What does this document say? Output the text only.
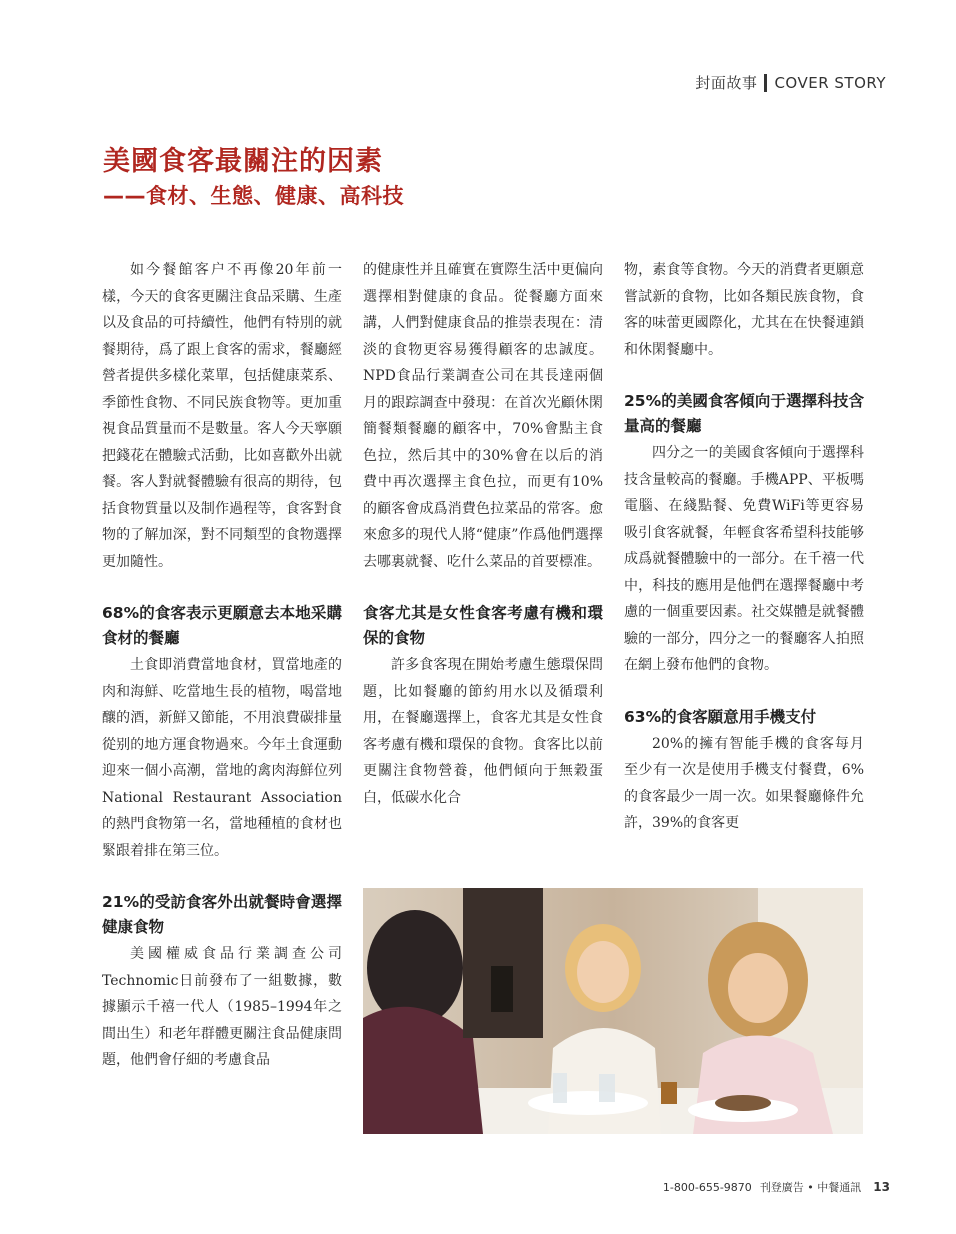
封面故事 COVER STORY
美國食客最關注的因素
——食材、生態、健康、高科技

如今餐館客户不再像20年前一樣，今天的食客更關注食品采購、生產以及食品的可持續性，他們有特別的就餐期待，爲了跟上食客的需求，餐廳經營者提供多樣化菜單，包括健康菜系、季節性食物、不同民族食物等。更加重視食品質量而不是數量。客人今天寧願把錢花在體驗式活動，比如喜歡外出就餐。客人對就餐體驗有很高的期待，包括食物質量以及制作過程等，食客對食物的了解加深，對不同類型的食物選擇更加隨性。

68%的食客表示更願意去本地采購食材的餐廳

土食即消費當地食材，買當地產的肉和海鮮、吃當地生長的植物，喝當地釀的酒，新鮮又節能，不用浪費碳排量從别的地方運食物過來。今年土食運動迎來一個小高潮，當地的禽肉海鮮位列National Restaurant Association的熱門食物第一名，當地種植的食材也緊跟着排在第三位。

21%的受訪食客外出就餐時會選擇健康食物

美國權威食品行業調查公司Technomic日前發布了一組數據，數據顯示千禧一代人（1985–1994年之間出生）和老年群體更關注食品健康問題，他們會仔細的考慮食品

的健康性并且確實在實際生活中更偏向選擇相對健康的食品。從餐廳方面來講，人們對健康食品的推崇表現在：清淡的食物更容易獲得顧客的忠誠度。NPD食品行業調查公司在其長達兩個月的跟踪調查中發現：在首次光顧休閑簡餐類餐廳的顧客中，70%會點主食色拉，然后其中的30%會在以后的消費中再次選擇主食色拉，而更有10%的顧客會成爲消費色拉菜品的常客。愈來愈多的現代人將“健康”作爲他們選擇去哪裏就餐、吃什么菜品的首要標准。

食客尤其是女性食客考慮有機和環保的食物

許多食客現在開始考慮生態環保問題，比如餐廳的節約用水以及循環利用，在餐廳選擇上，食客尤其是女性食客考慮有機和環保的食物。食客比以前更關注食物營養，他們傾向于無穀蛋白，低碳水化合

物，素食等食物。今天的消費者更願意嘗試新的食物，比如各類民族食物，食客的味蕾更國際化，尤其在在快餐連鎖和休閑餐廳中。

25%的美國食客傾向于選擇科技含量高的餐廳

四分之一的美國食客傾向于選擇科技含量較高的餐廳。手機APP、平板嗎電腦、在綫點餐、免費WiFi等更容易吸引食客就餐，年輕食客希望科技能够成爲就餐體驗中的一部分。在千禧一代中，科技的應用是他們在選擇餐廳中考慮的一個重要因素。社交媒體是就餐體驗的一部分，四分之一的餐廳客人拍照在網上發布他們的食物。

63%的食客願意用手機支付

20%的擁有智能手機的食客每月至少有一次是使用手機支付餐費，6%的食客最少一周一次。如果餐廳條件允許，39%的食客更

1-800-655-9870 刊登廣告 • 中餐通訊 13
